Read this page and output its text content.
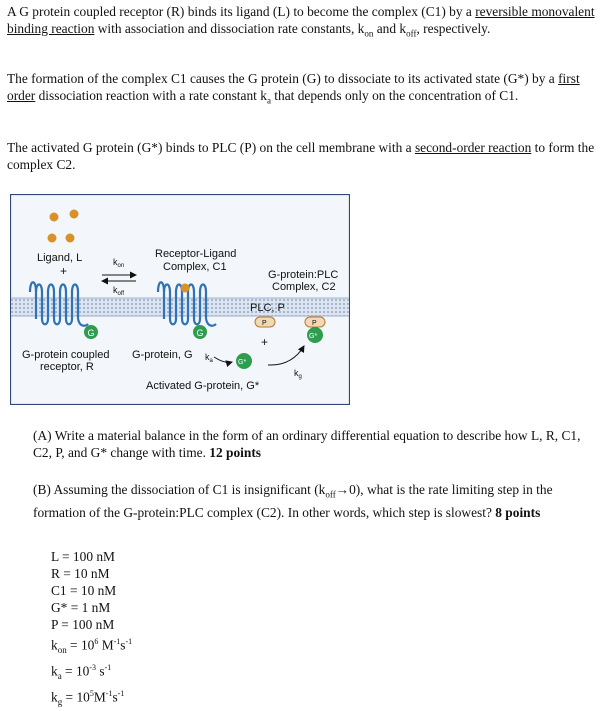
A G protein coupled receptor (R) binds its ligand (L) to become the complex (C1) by a reversible monovalent binding reaction with association and dissociation rate constants, $k_{on}$ and $k_{off}$, respectively.
The formation of the complex C1 causes the G protein (G) to dissociate to its activated state (G*) by a first order dissociation reaction with a rate constant $k_a$ that depends only on the concentration of C1.
The activated G protein (G*) binds to PLC (P) on the cell membrane with a second-order reaction to form the complex C2.
Ligand, L
+
$k_{on}$
$k_{off}$
Receptor-Ligand
Complex, C1
G-protein:PLC
Complex, C2
G	G
PLC, P
P
+
P
G*
G-protein coupled
receptor, R
G-protein, G $k_a$	G*
$k_g$
Activated G-protein, G*
(A) Write a material balance in the form of an ordinary differential equation to describe how L, R, C1, C2, P, and G* change with time. 12 points
(B) Assuming the dissociation of C1 is insignificant $(k_{off}\to 0)$, what is the rate limiting step in the formation of the G-protein:PLC complex (C2). In other words, which step is slowest? 8 points
L = 100 nM
R = 10 nM
C1 = 10 nM
G* = 1 nM
P = 100 nM
$k_{on} = 10^6$ $M^{-1}s^{-1}$
$k_a = 10^{-3}$ $s^{-1}$
$k_g = 10^5M^{-1}s^{-1}$
